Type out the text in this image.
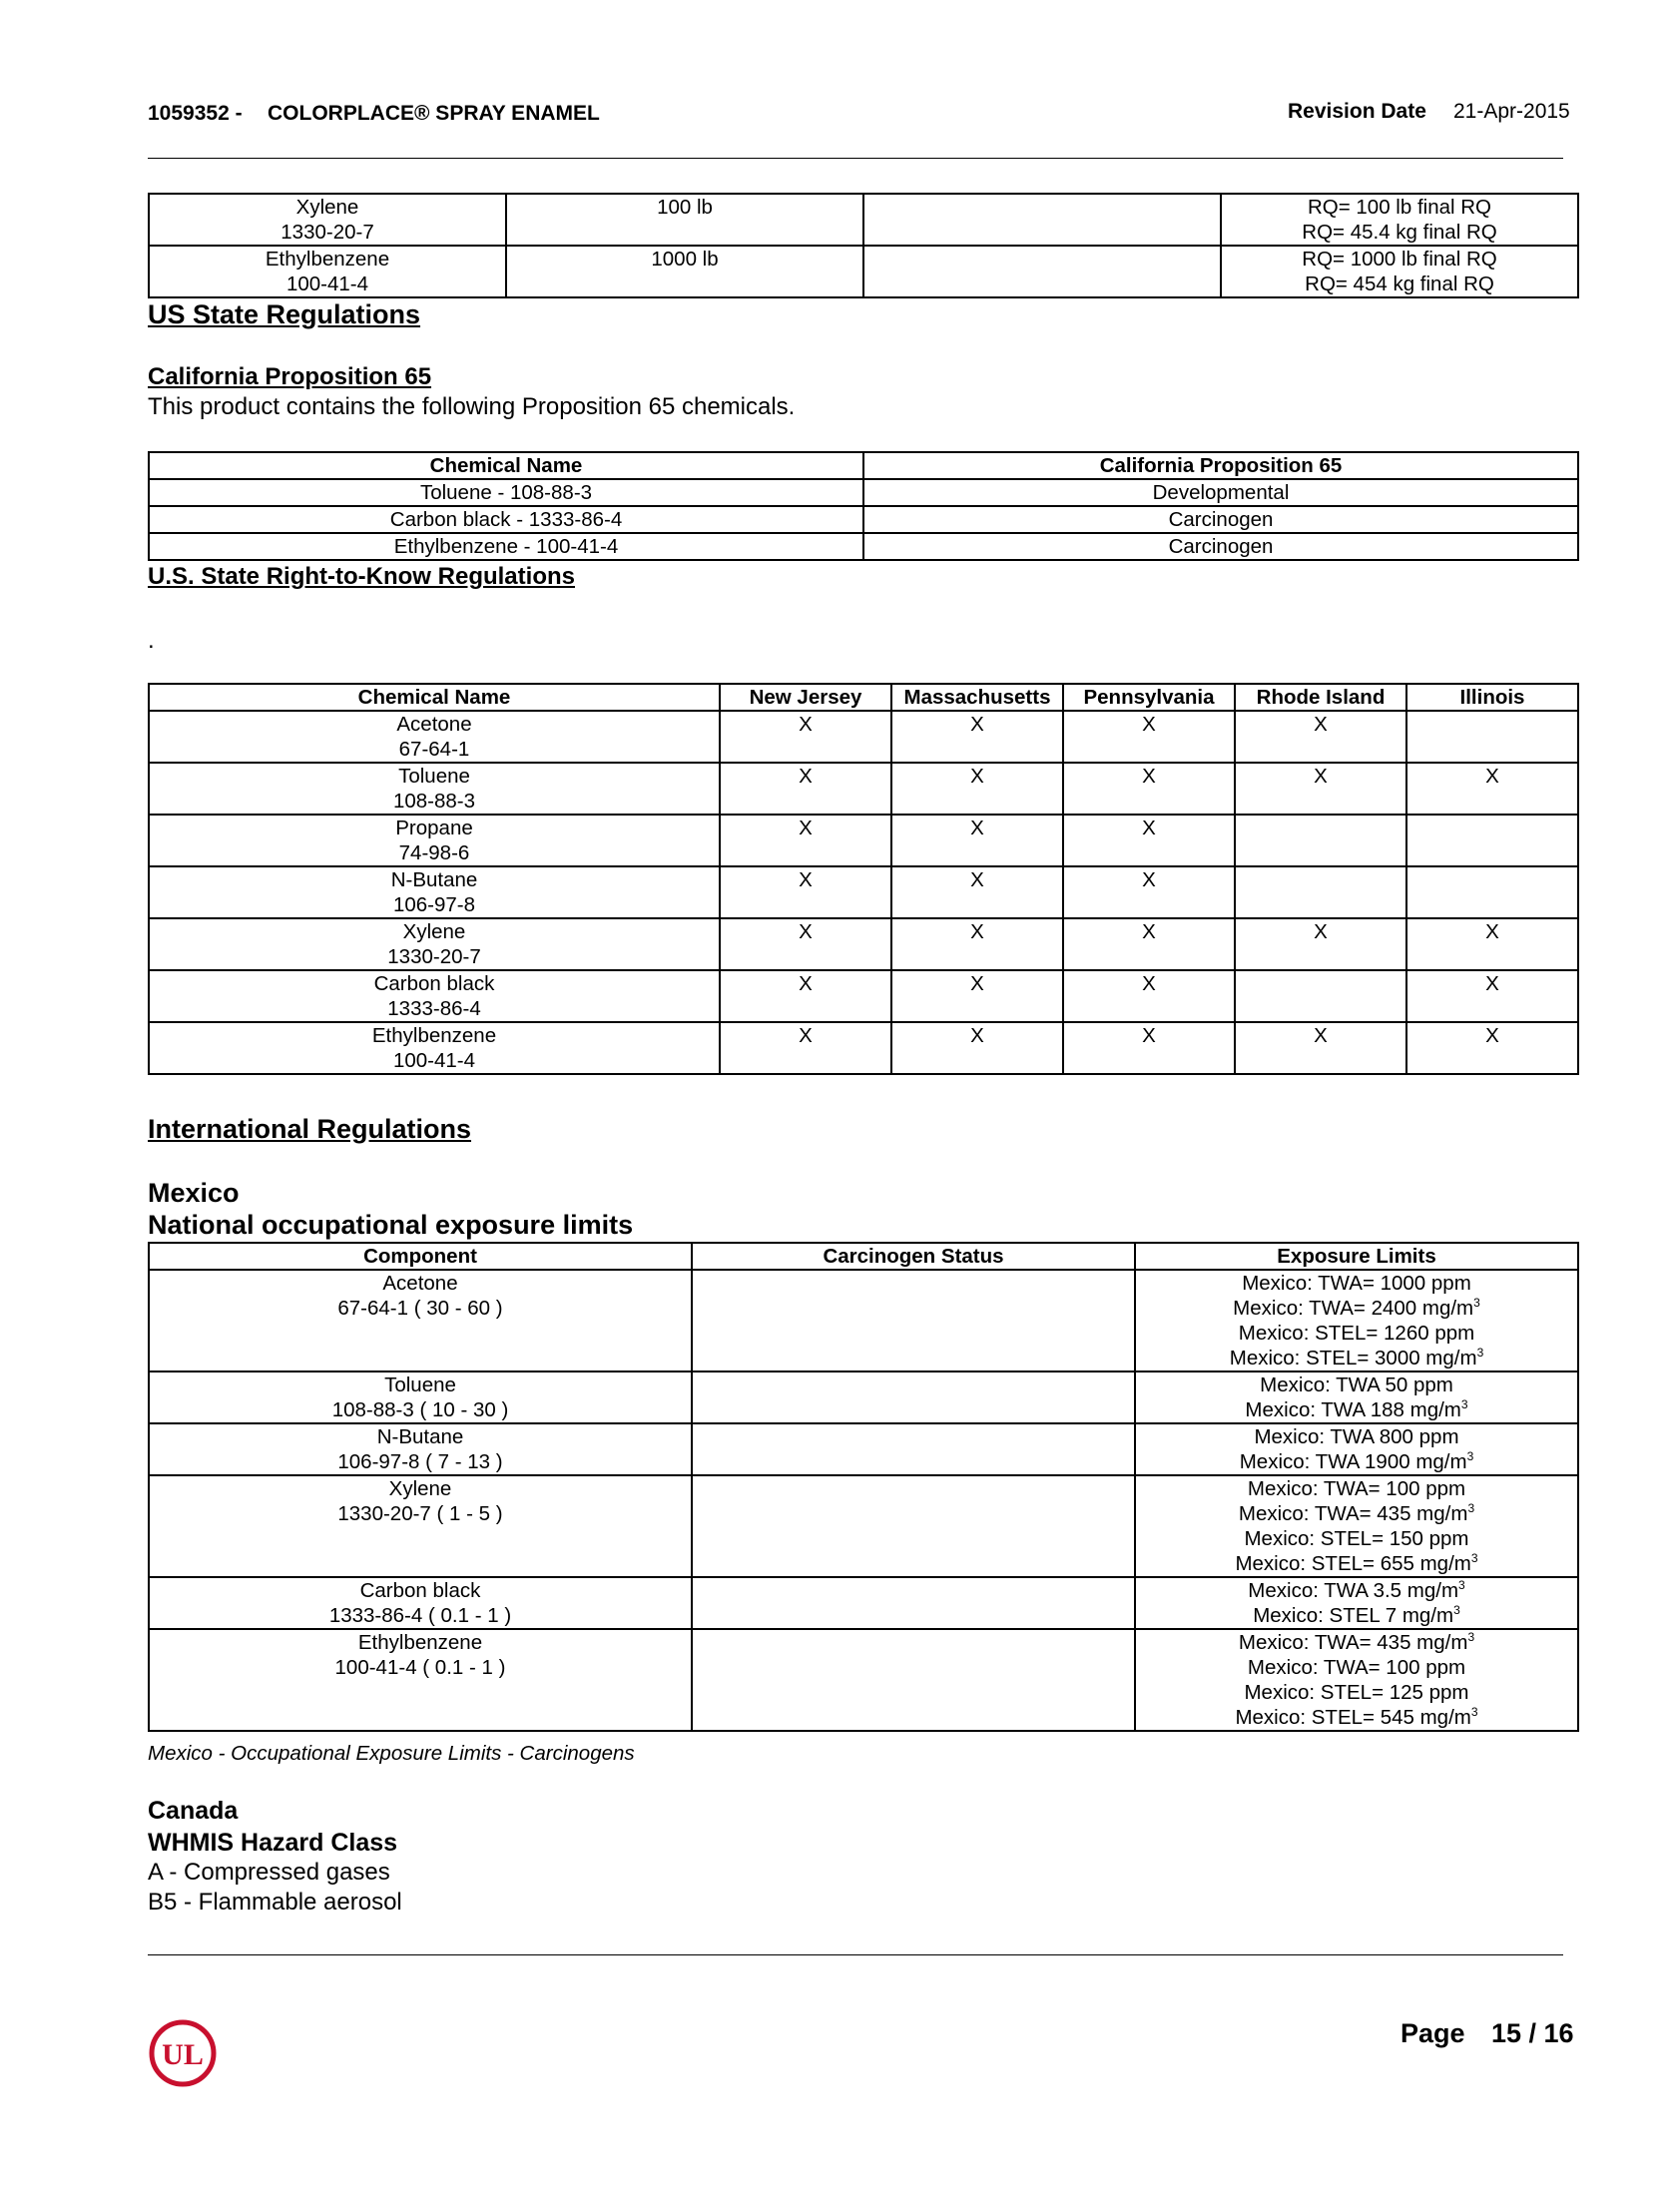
1059352 - COLORPLACE® SPRAY ENAMEL	Revision Date 21-Apr-2015
Xylene
1330-20-7	100 lb		RQ= 100 lb final RQ
RQ= 45.4 kg final RQ

Ethylbenzene
100-41-4	1000 lb		RQ= 1000 lb final RQ
RQ= 454 kg final RQ
US State Regulations
California Proposition 65
This product contains the following Proposition 65 chemicals.
Chemical Name	California Proposition 65
Toluene - 108-88-3	Developmental
Carbon black - 1333-86-4	Carcinogen
Ethylbenzene - 100-41-4	Carcinogen
U.S. State Right-to-Know Regulations
.
Chemical Name	New Jersey	Massachusetts	Pennsylvania	Rhode Island	Illinois

Acetone
67-64-1	X	X	X	X	

Toluene
108-88-3	X	X	X	X	X

Propane
74-98-6	X	X	X		

N-Butane
106-97-8	X	X	X		

Xylene
1330-20-7	X	X	X	X	X

Carbon black
1333-86-4	X	X	X		X

Ethylbenzene
100-41-4	X	X	X	X	X
International Regulations
Mexico
National occupational exposure limits
Component	Carcinogen Status	Exposure Limits

Acetone
67-64-1 ( 30 - 60 )		Mexico: TWA= 1000 ppm
Mexico: TWA= 2400 $mg/m^3$
Mexico: STEL= 1260 ppm
Mexico: STEL= 3000 $mg/m^3$

Toluene
108-88-3 ( 10 - 30 )		Mexico: TWA 50 ppm
Mexico: TWA 188 $mg/m^3$

N-Butane
106-97-8 ( 7 - 13 )		Mexico: TWA 800 ppm
Mexico: TWA 1900 $mg/m^3$

Xylene
1330-20-7 ( 1 - 5 )		Mexico: TWA= 100 ppm
Mexico: TWA= 435 $mg/m^3$
Mexico: STEL= 150 ppm
Mexico: STEL= 655 $mg/m^3$

Carbon black
1333-86-4 ( 0.1 - 1 )		Mexico: TWA 3.5 $mg/m^3$
Mexico: STEL 7 $mg/m^3$

Ethylbenzene
100-41-4 ( 0.1 - 1 )		Mexico: TWA= 435 $mg/m^3$
Mexico: TWA= 100 ppm
Mexico: STEL= 125 ppm
Mexico: STEL= 545 $mg/m^3$
Mexico - Occupational Exposure Limits - Carcinogens
Canada
WHMIS Hazard Class
A - Compressed gases
B5 - Flammable aerosol
UL
Page 15 / 16
